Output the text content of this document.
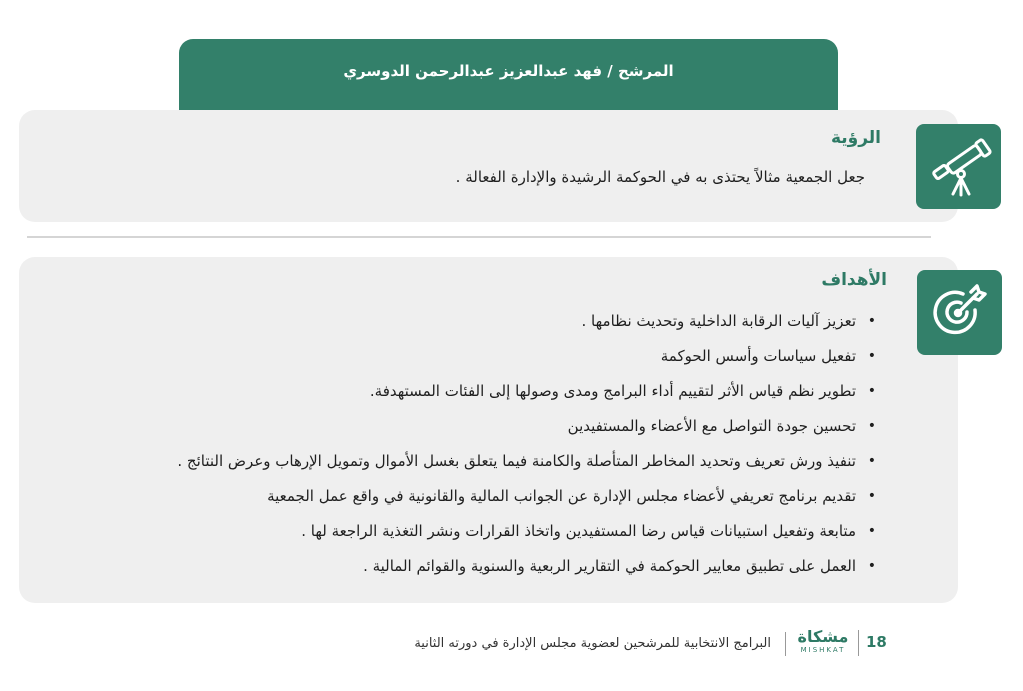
المرشح / فهد عبدالعزيز عبدالرحمن الدوسري
الرؤية
جعل الجمعية مثالاً يحتذى به في الحوكمة الرشيدة والإدارة الفعالة .
الأهداف
•
تعزيز آليات الرقابة الداخلية وتحديث نظامها .
•
تفعيل سياسات وأسس الحوكمة
•
تطوير نظم قياس الأثر لتقييم أداء البرامج ومدى وصولها إلى الفئات المستهدفة.
•
تحسين جودة التواصل مع الأعضاء والمستفيدين
•
تنفيذ ورش تعريف وتحديد المخاطر المتأصلة والكامنة فيما يتعلق بغسل الأموال وتمويل الإرهاب وعرض النتائج .
•
تقديم برنامج تعريفي لأعضاء مجلس الإدارة عن الجوانب المالية والقانونية في واقع عمل الجمعية
•
متابعة وتفعيل استبيانات قياس رضا المستفيدين واتخاذ القرارات ونشر التغذية الراجعة لها .
•
العمل على تطبيق معايير الحوكمة في التقارير الربعية والسنوية والقوائم المالية .
18
مشكاة
MISHKAT
البرامج الانتخابية للمرشحين لعضوية مجلس الإدارة في دورته الثانية
